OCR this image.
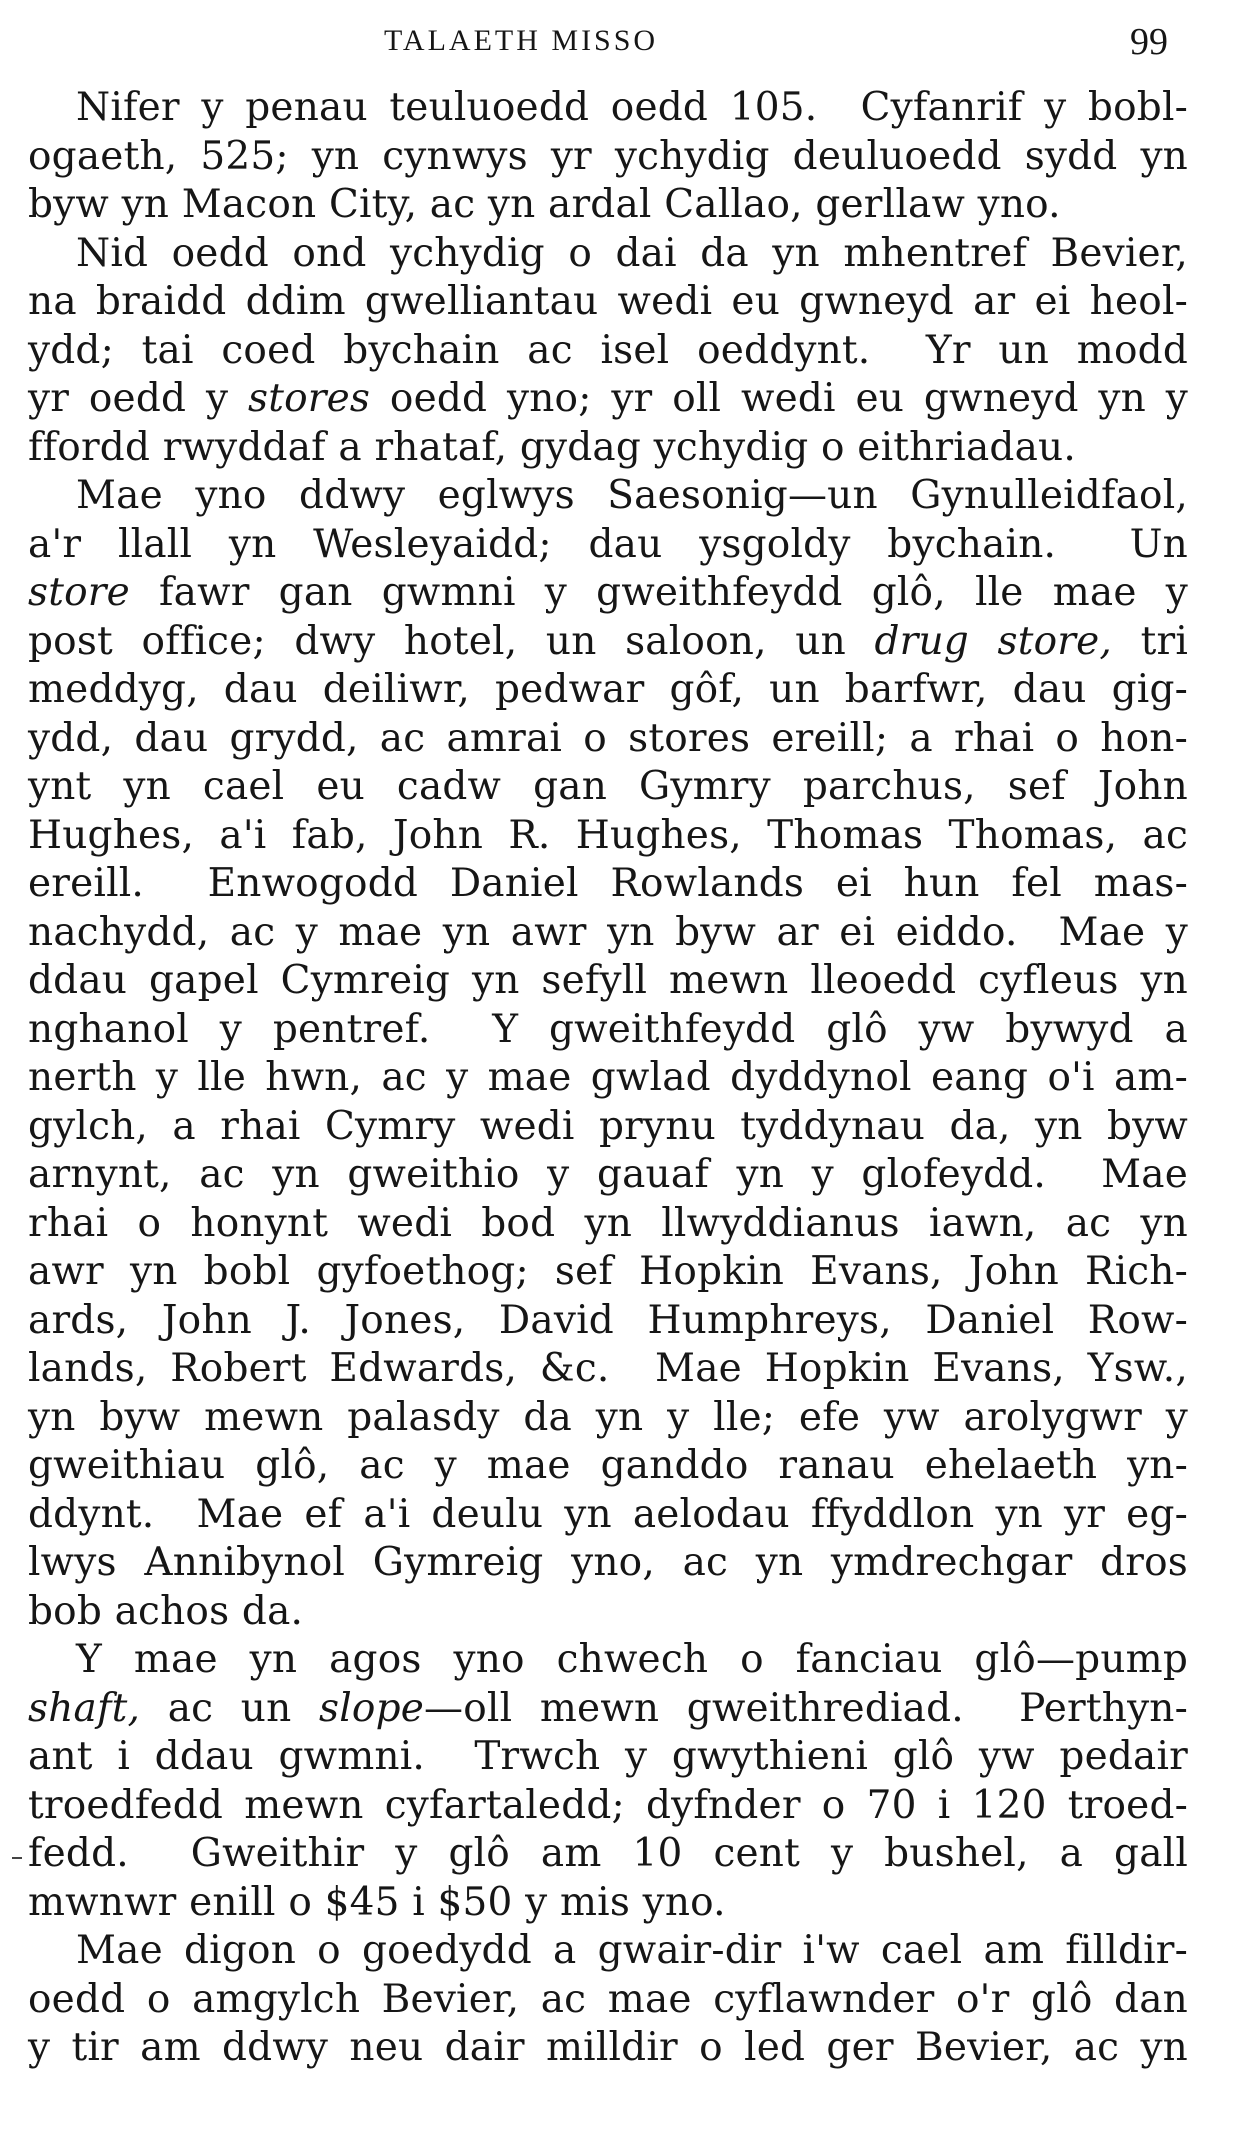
TALAETH MISSO	99
Nifer y penau teuluoedd oedd 105.  Cyfanrif y bobl-
ogaeth, 525; yn cynwys yr ychydig deuluoedd sydd yn
byw yn Macon City, ac yn ardal Callao, gerllaw yno.
Nid oedd ond ychydig o dai da yn mhentref Bevier,
na braidd ddim gwelliantau wedi eu gwneyd ar ei heol-
ydd; tai coed bychain ac isel oeddynt.  Yr un modd
yr oedd y stores oedd yno; yr oll wedi eu gwneyd yn y
ffordd rwyddaf a rhataf, gydag ychydig o eithriadau.
Mae yno ddwy eglwys Saesonig—un Gynulleidfaol,
a'r llall yn Wesleyaidd; dau ysgoldy bychain.  Un
store fawr gan gwmni y gweithfeydd glô, lle mae y
post office; dwy hotel, un saloon, un drug store, tri
meddyg, dau deiliwr, pedwar gôf, un barfwr, dau gig-
ydd, dau grydd, ac amrai o stores ereill; a rhai o hon-
ynt yn cael eu cadw gan Gymry parchus, sef John
Hughes, a'i fab, John R. Hughes, Thomas Thomas, ac
ereill.  Enwogodd Daniel Rowlands ei hun fel mas-
nachydd, ac y mae yn awr yn byw ar ei eiddo.  Mae y
ddau gapel Cymreig yn sefyll mewn lleoedd cyfleus yn
nghanol y pentref.  Y gweithfeydd glô yw bywyd a
nerth y lle hwn, ac y mae gwlad dyddynol eang o'i am-
gylch, a rhai Cymry wedi prynu tyddynau da, yn byw
arnynt, ac yn gweithio y gauaf yn y glofeydd.  Mae
rhai o honynt wedi bod yn llwyddianus iawn, ac yn
awr yn bobl gyfoethog; sef Hopkin Evans, John Rich-
ards, John J. Jones, David Humphreys, Daniel Row-
lands, Robert Edwards, &c.  Mae Hopkin Evans, Ysw.,
yn byw mewn palasdy da yn y lle; efe yw arolygwr y
gweithiau glô, ac y mae ganddo ranau ehelaeth yn-
ddynt.  Mae ef a'i deulu yn aelodau ffyddlon yn yr eg-
lwys Annibynol Gymreig yno, ac yn ymdrechgar dros
bob achos da.
Y mae yn agos yno chwech o fanciau glô—pump
shaft, ac un slope—oll mewn gweithrediad.  Perthyn-
ant i ddau gwmni.  Trwch y gwythieni glô yw pedair
troedfedd mewn cyfartaledd; dyfnder o 70 i 120 troed-
fedd.  Gweithir y glô am 10 cent y bushel, a gall
mwnwr enill o $45 i $50 y mis yno.
Mae digon o goedydd a gwair-dir i'w cael am filldir-
oedd o amgylch Bevier, ac mae cyflawnder o'r glô dan
y tir am ddwy neu dair milldir o led ger Bevier, ac yn
